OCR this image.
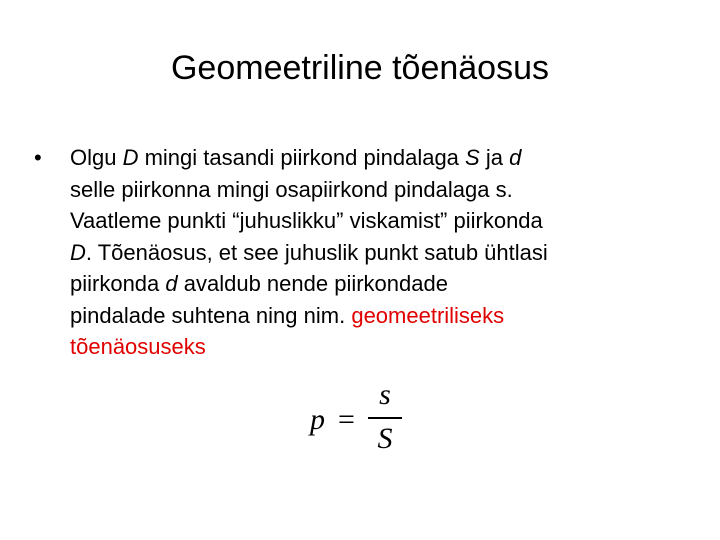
Geomeetriline tõenäosus
• Olgu D mingi tasandi piirkond pindalaga S ja d
selle piirkonna mingi osapiirkond pindalaga s.
Vaatleme punkti “juhuslikku” viskamist” piirkonda
D. Tõenäosus, et see juhuslik punkt satub ühtlasi
piirkonda d avaldub nende piirkondade
pindalade suhtena ning nim. geomeetriliseks
tõenäosuseks
p =
s
S
